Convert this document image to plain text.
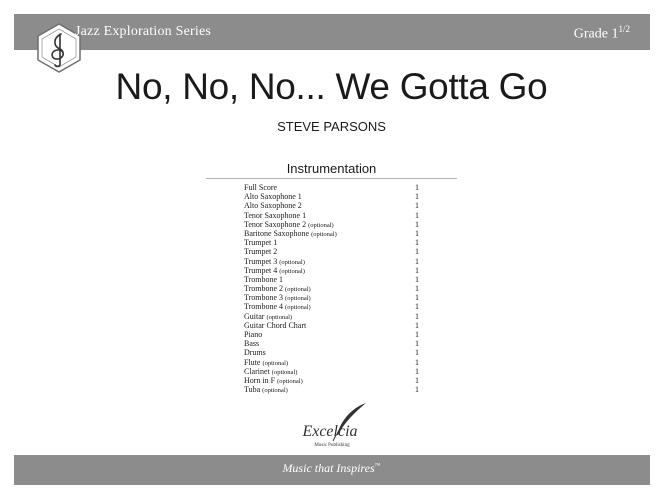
Jazz Exploration Series	Grade $1^{1/2}$
No, No, No... We Gotta Go
STEVE PARSONS
Instrumentation
Full Score	1
Alto Saxophone 1	1
Alto Saxophone 2	1
Tenor Saxophone 1	1
Tenor Saxophone 2 (optional)	1
Baritone Saxophone (optional)	1
Trumpet 1	1
Trumpet 2	1
Trumpet 3 (optional)	1
Trumpet 4 (optional)	1
Trombone 1	1
Trombone 2 (optional)	1
Trombone 3 (optional)	1
Trombone 4 (optional)	1
Guitar (optional)	1
Guitar Chord Chart	1
Piano	1
Bass	1
Drums	1
Flute (optional)	1
Clarinet (optional)	1
Horn in F (optional)	1
Tuba (optional)	1
Excelcia
Music Publishing
Music that Inspires™
